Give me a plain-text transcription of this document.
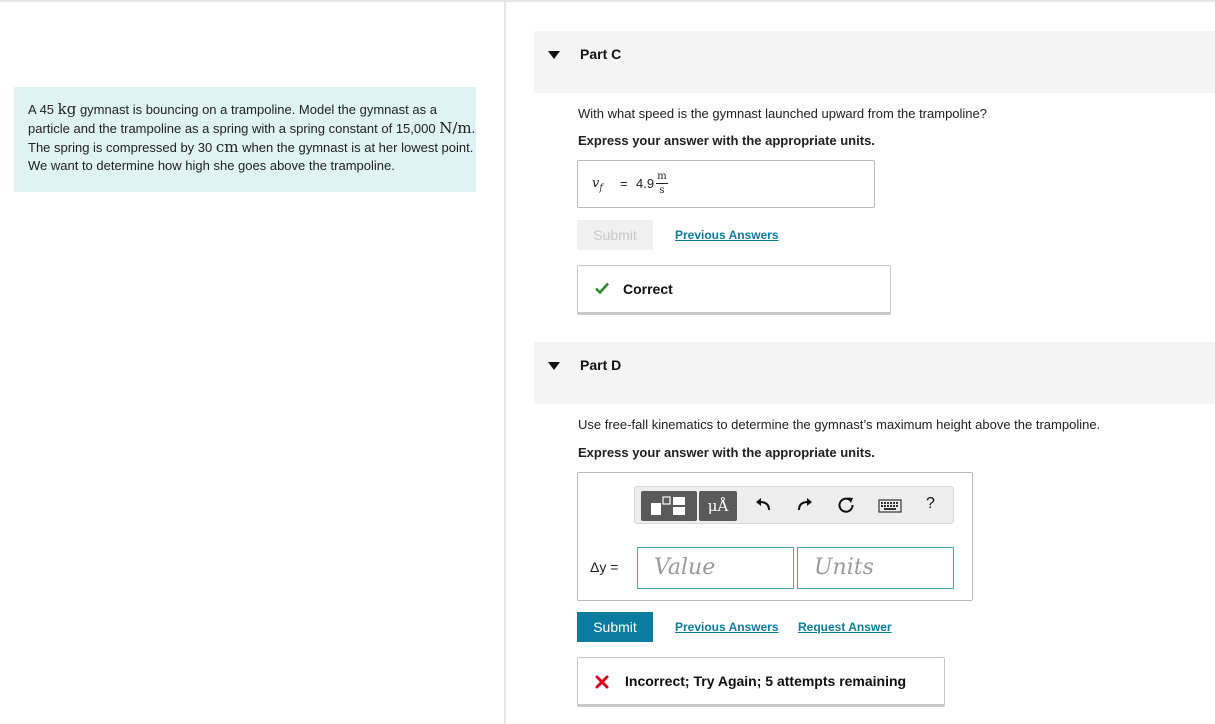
A 45 kg gymnast is bouncing on a trampoline. Model the gymnast as a particle and the trampoline as a spring with a spring constant of 15,000 N/m. The spring is compressed by 30 cm when the gymnast is at her lowest point. We want to determine how high she goes above the trampoline.
Part C
With what speed is the gymnast launched upward from the trampoline?
Express your answer with the appropriate units.
$v_f = 4.9$ m
s
Submit	Previous Answers
Correct
Part D
Use free-fall kinematics to determine the gymnast’s maximum height above the trampoline.
Express your answer with the appropriate units.
μÅ	?
Δy =	Value	Units
Submit	Previous Answers Request Answer
Incorrect; Try Again; 5 attempts remaining
